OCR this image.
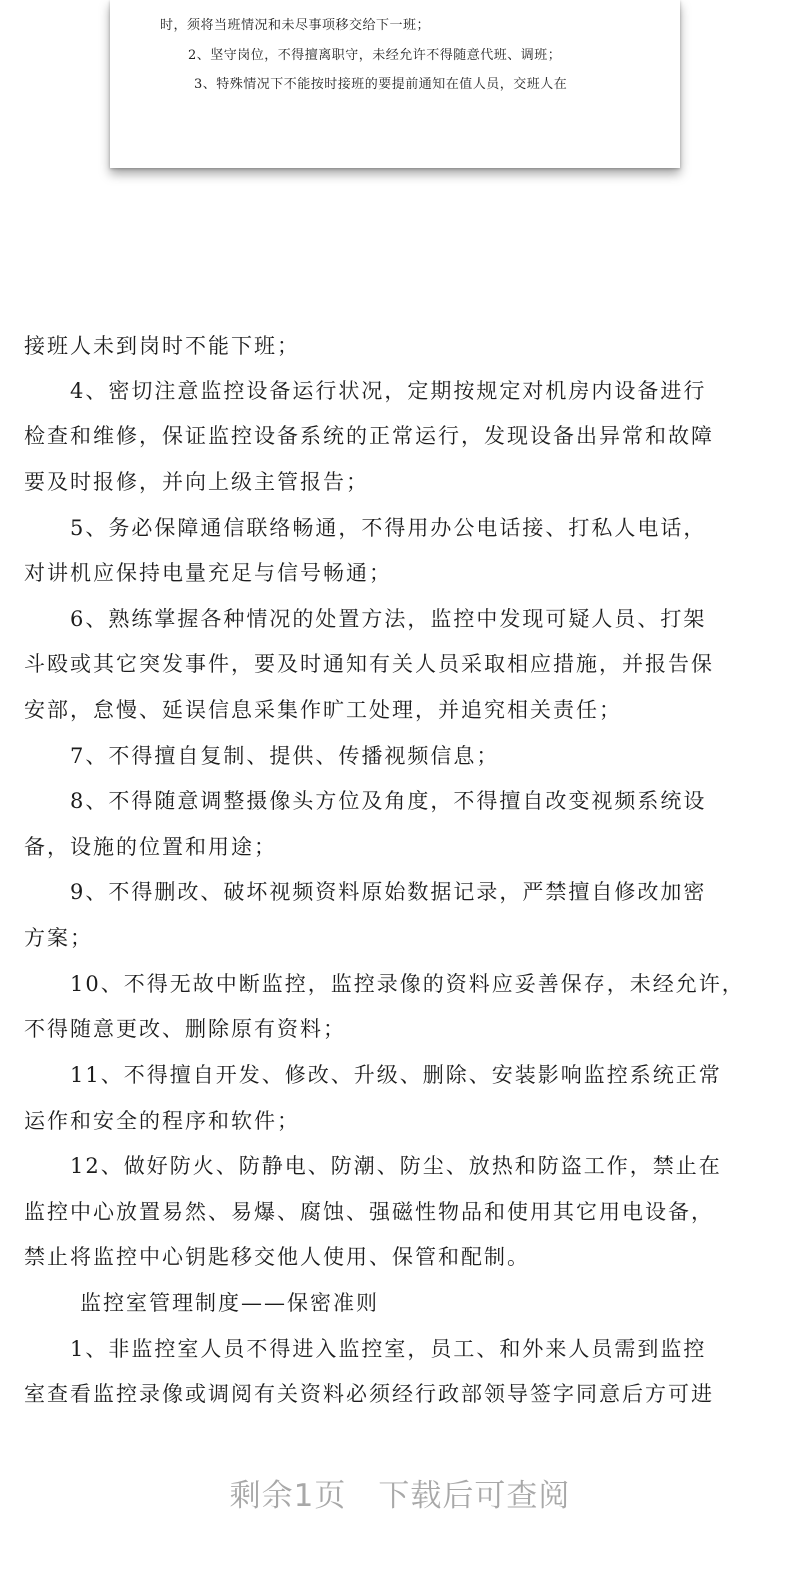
时，须将当班情况和未尽事项移交给下一班；
2、坚守岗位，不得擅离职守，未经允许不得随意代班、调班；
3、特殊情况下不能按时接班的要提前通知在值人员，交班人在
接班人未到岗时不能下班；
4、密切注意监控设备运行状况，定期按规定对机房内设备进行
检查和维修，保证监控设备系统的正常运行，发现设备出异常和故障
要及时报修，并向上级主管报告；
5、务必保障通信联络畅通，不得用办公电话接、打私人电话，
对讲机应保持电量充足与信号畅通；
6、熟练掌握各种情况的处置方法，监控中发现可疑人员、打架
斗殴或其它突发事件，要及时通知有关人员采取相应措施，并报告保
安部，怠慢、延误信息采集作旷工处理，并追究相关责任；
7、不得擅自复制、提供、传播视频信息；
8、不得随意调整摄像头方位及角度，不得擅自改变视频系统设
备，设施的位置和用途；
9、不得删改、破坏视频资料原始数据记录，严禁擅自修改加密
方案；
10、不得无故中断监控，监控录像的资料应妥善保存，未经允许，
不得随意更改、删除原有资料；
11、不得擅自开发、修改、升级、删除、安装影响监控系统正常
运作和安全的程序和软件；
12、做好防火、防静电、防潮、防尘、放热和防盗工作，禁止在
监控中心放置易然、易爆、腐蚀、强磁性物品和使用其它用电设备，
禁止将监控中心钥匙移交他人使用、保管和配制。
监控室管理制度——保密准则
1、非监控室人员不得进入监控室，员工、和外来人员需到监控
室查看监控录像或调阅有关资料必须经行政部领导签字同意后方可进
剩余1页 下载后可查阅
